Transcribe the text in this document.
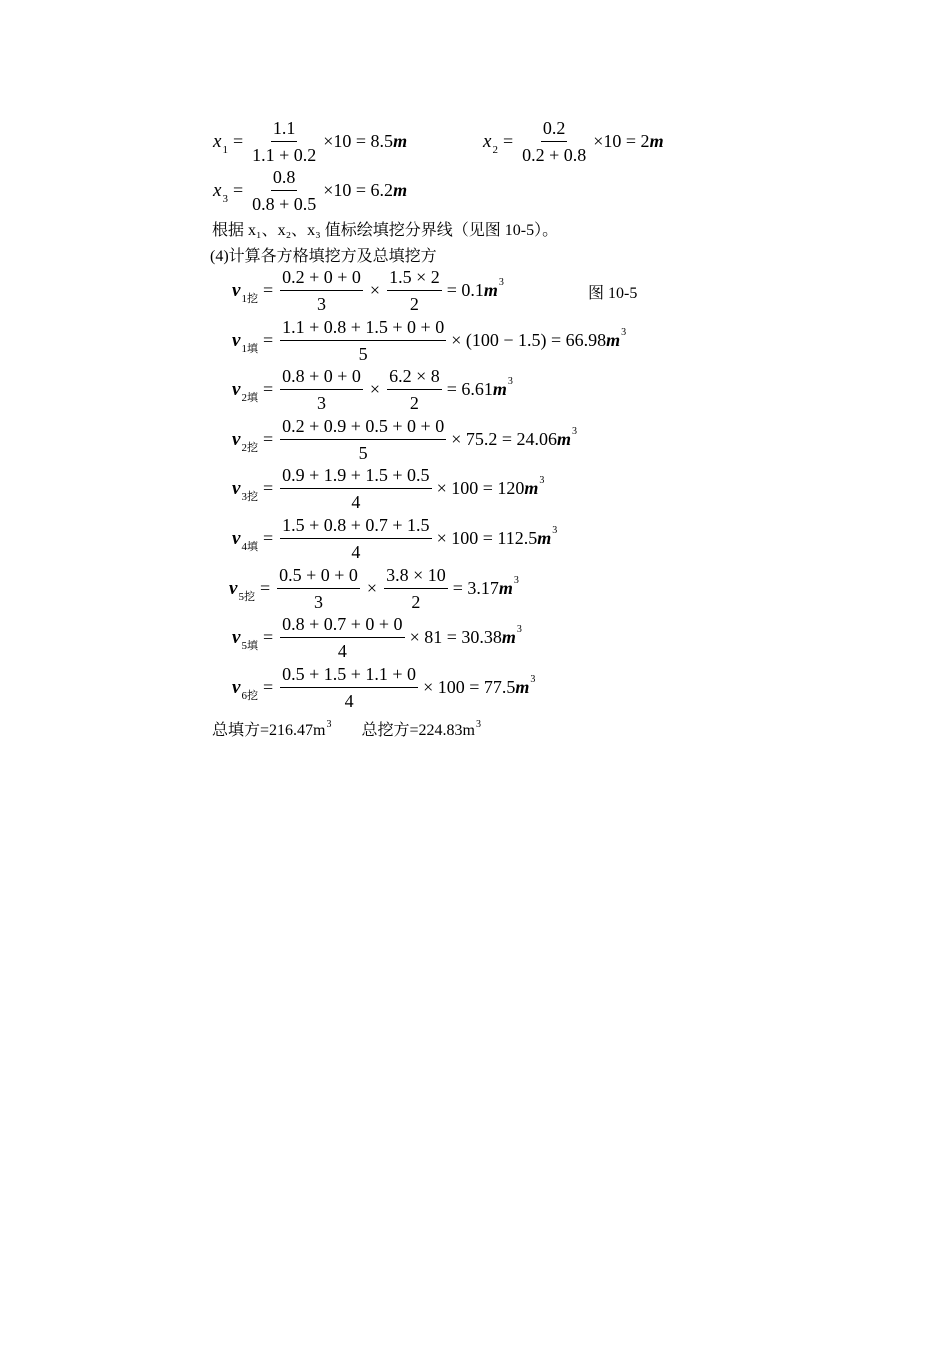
$x_1 = \frac{1.1}{1.1 + 0.2} \times 10 = 8.5$ m	$x_2 = \frac{0.2}{0.2 + 0.8} \times 10 = 2$ m
$x_3 = \frac{0.8}{0.8 + 0.5} \times 10 = 6.2$ m
根据 x₁、x₂、x₃ 值标绘填挖分界线（见图 10-5）。
(4)计算各方格填挖方及总填挖方
图 10-5
$v_{1挖} = \frac{0.2 + 0 + 0}{3} \times \frac{1.5 \times 2}{2} = 0.1$ m 3
$v_{1填} = \frac{1.1 + 0.8 + 1.5 + 0 + 0}{5} \times (100 - 1.5) = 66.98$ m 3
$v_{2填} = \frac{0.8 + 0 + 0}{3} \times \frac{6.2 \times 8}{2} = 6.61$ m 3
$v_{2挖} = \frac{0.2 + 0.9 + 0.5 + 0 + 0}{5} \times 75.2 = 24.06$ m 3
$v_{3挖} = \frac{0.9 + 1.9 + 1.5 + 0.5}{4} \times 100 = 120$ m 3
$v_{4填} = \frac{1.5 + 0.8 + 0.7 + 1.5}{4} \times 100 = 112.5$ m 3
$v_{5挖} = \frac{0.5 + 0 + 0}{3} \times \frac{3.8 \times 10}{2} = 3.17$ m 3
$v_{5填} = \frac{0.8 + 0.7 + 0 + 0}{4} \times 81 = 30.38$ m 3
$v_{6挖} = \frac{0.5 + 1.5 + 1.1 + 0}{4} \times 100 = 77.5$ m 3
总填方$=216.47m^3$ 总挖方$=224.83m^3$
